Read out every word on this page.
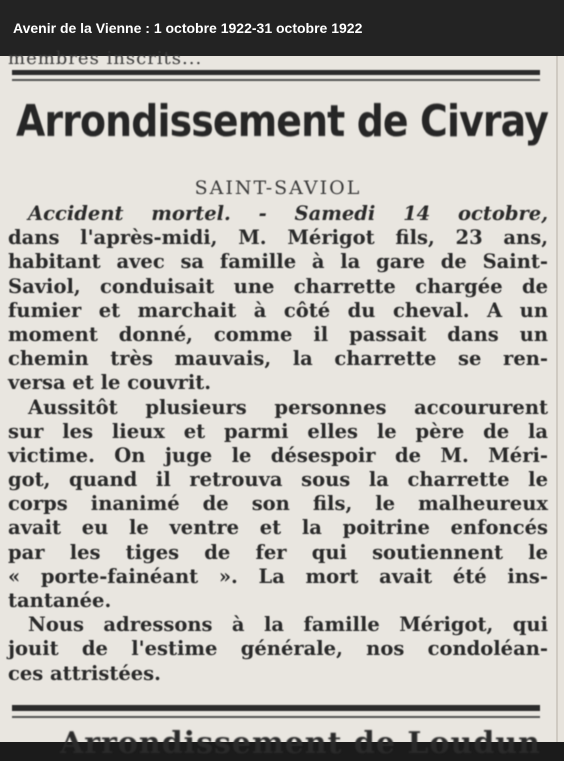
Avenir de la Vienne : 1 octobre 1922-31 octobre 1922
membres inscrits...
Arrondissement de Civray
SAINT-SAVIOL
Accident mortel. - Samedi 14 octobre,
dans l'après-midi, M. Mérigot fils, 23 ans,
habitant avec sa famille à la gare de Saint-
Saviol, conduisait une charrette chargée de
fumier et marchait à côté du cheval. A un
moment donné, comme il passait dans un
chemin très mauvais, la charrette se ren-
versa et le couvrit.
Aussitôt plusieurs personnes accoururent
sur les lieux et parmi elles le père de la
victime. On juge le désespoir de M. Méri-
got, quand il retrouva sous la charrette le
corps inanimé de son fils, le malheureux
avait eu le ventre et la poitrine enfoncés
par les tiges de fer qui soutiennent le
« porte-fainéant ». La mort avait été ins-
tantanée.
Nous adressons à la famille Mérigot, qui
jouit de l'estime générale, nos condoléan-
ces attristées.
Arrondissement de Loudun
